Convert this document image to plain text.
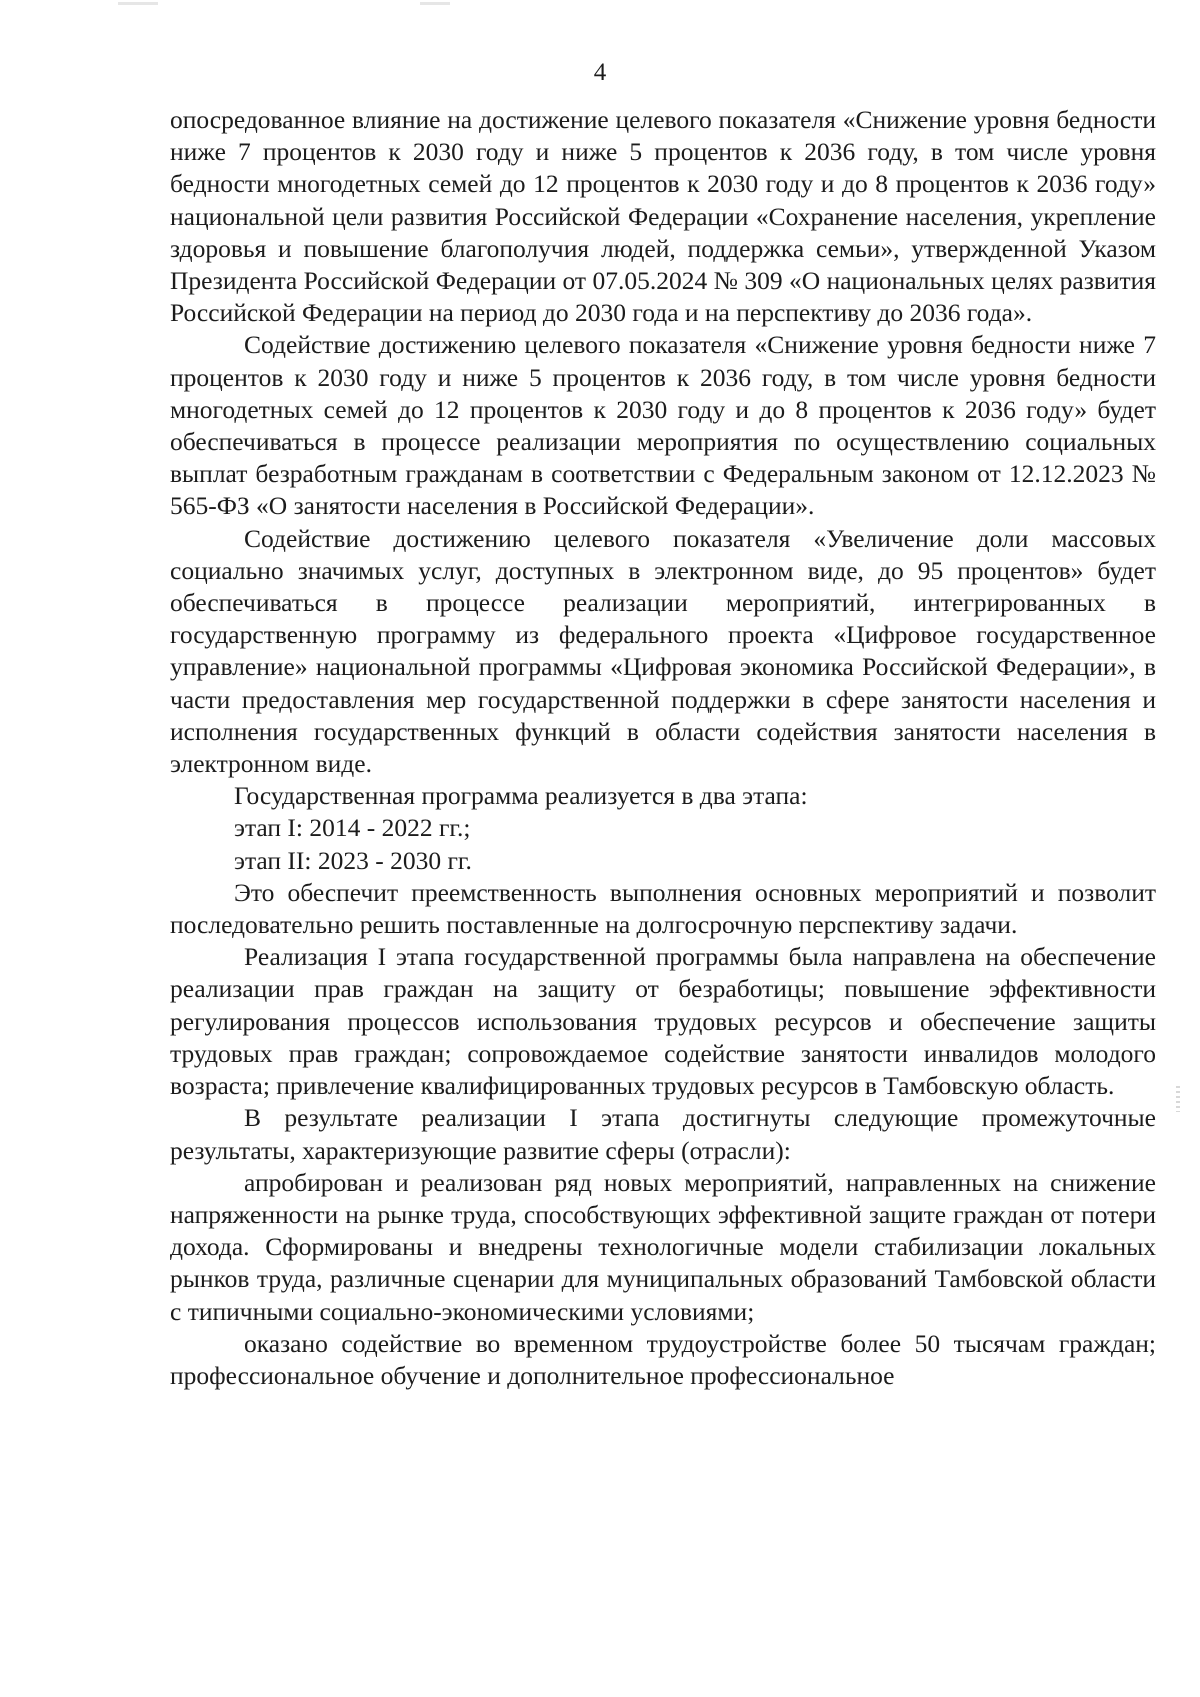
4

опосредованное влияние на достижение целевого показателя «Снижение уровня бедности ниже 7 процентов к 2030 году и ниже 5 процентов к 2036 году, в том числе уровня бедности многодетных семей до 12 процентов к 2030 году и до 8 процентов к 2036 году» национальной цели развития Российской Федерации «Сохранение населения, укрепление здоровья и повышение благополучия людей, поддержка семьи», утвержденной Указом Президента Российской Федерации от 07.05.2024 № 309 «О национальных целях развития Российской Федерации на период до 2030 года и на перспективу до 2036 года».

Содействие достижению целевого показателя «Снижение уровня бедности ниже 7 процентов к 2030 году и ниже 5 процентов к 2036 году, в том числе уровня бедности многодетных семей до 12 процентов к 2030 году и до 8 процентов к 2036 году» будет обеспечиваться в процессе реализации мероприятия по осуществлению социальных выплат безработным гражданам в соответствии с Федеральным законом от 12.12.2023 № 565-ФЗ «О занятости населения в Российской Федерации».

Содействие достижению целевого показателя «Увеличение доли массовых социально значимых услуг, доступных в электронном виде, до 95 процентов» будет обеспечиваться в процессе реализации мероприятий, интегрированных в государственную программу из федерального проекта «Цифровое государственное управление» национальной программы «Цифровая экономика Российской Федерации», в части предоставления мер государственной поддержки в сфере занятости населения и исполнения государственных функций в области содействия занятости населения в электронном виде.

Государственная программа реализуется в два этапа:

этап I: 2014 - 2022 гг.;

этап II: 2023 - 2030 гг.

Это обеспечит преемственность выполнения основных мероприятий и позволит последовательно решить поставленные на долгосрочную перспективу задачи.

Реализация I этапа государственной программы была направлена на обеспечение реализации прав граждан на защиту от безработицы; повышение эффективности регулирования процессов использования трудовых ресурсов и обеспечение защиты трудовых прав граждан; сопровождаемое содействие занятости инвалидов молодого возраста; привлечение квалифицированных трудовых ресурсов в Тамбовскую область.

В результате реализации I этапа достигнуты следующие промежуточные результаты, характеризующие развитие сферы (отрасли):

апробирован и реализован ряд новых мероприятий, направленных на снижение напряженности на рынке труда, способствующих эффективной защите граждан от потери дохода. Сформированы и внедрены технологичные модели стабилизации локальных рынков труда, различные сценарии для муниципальных образований Тамбовской области с типичными социально-экономическими условиями;

оказано содействие во временном трудоустройстве более 50 тысячам граждан; профессиональное обучение и дополнительное профессиональное
